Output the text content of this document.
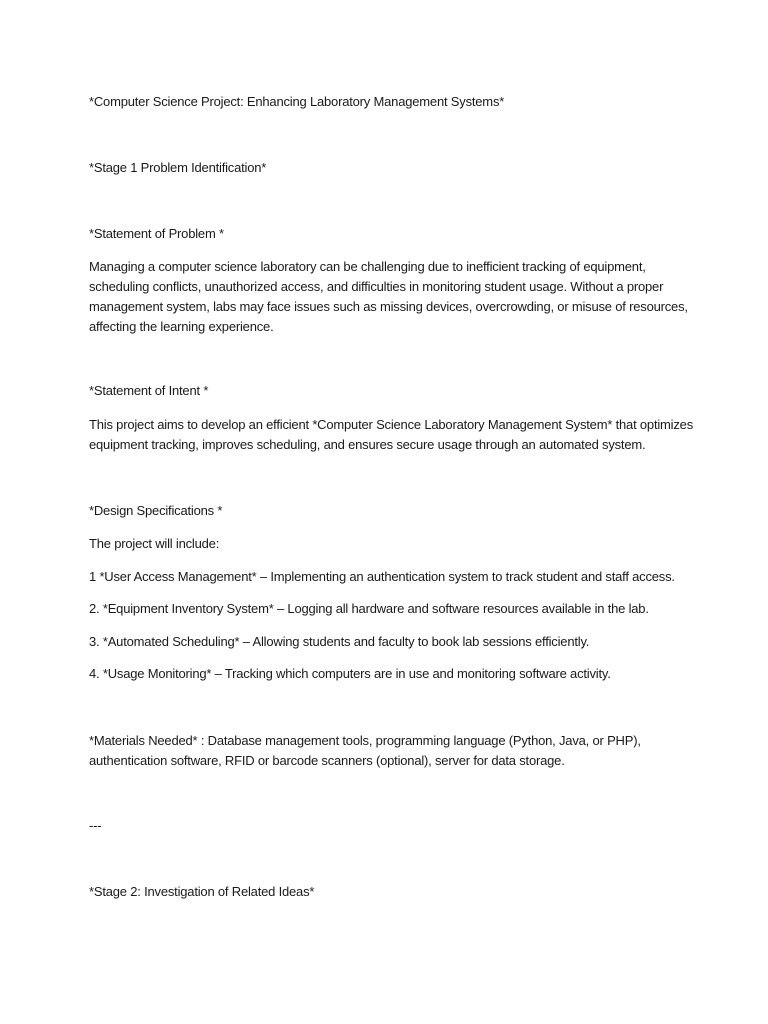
*Computer Science Project: Enhancing Laboratory Management Systems*
*Stage 1 Problem Identification*
*Statement of Problem *
Managing a computer science laboratory can be challenging due to inefficient tracking of equipment,
scheduling conflicts, unauthorized access, and difficulties in monitoring student usage. Without a proper
management system, labs may face issues such as missing devices, overcrowding, or misuse of resources,
affecting the learning experience.
*Statement of Intent *
This project aims to develop an efficient *Computer Science Laboratory Management System* that optimizes
equipment tracking, improves scheduling, and ensures secure usage through an automated system.
*Design Specifications *
The project will include:
1 *User Access Management* – Implementing an authentication system to track student and staff access.
2. *Equipment Inventory System* – Logging all hardware and software resources available in the lab.
3. *Automated Scheduling* – Allowing students and faculty to book lab sessions efficiently.
4. *Usage Monitoring* – Tracking which computers are in use and monitoring software activity.
*Materials Needed* : Database management tools, programming language (Python, Java, or PHP),
authentication software, RFID or barcode scanners (optional), server for data storage.
---
*Stage 2: Investigation of Related Ideas*
